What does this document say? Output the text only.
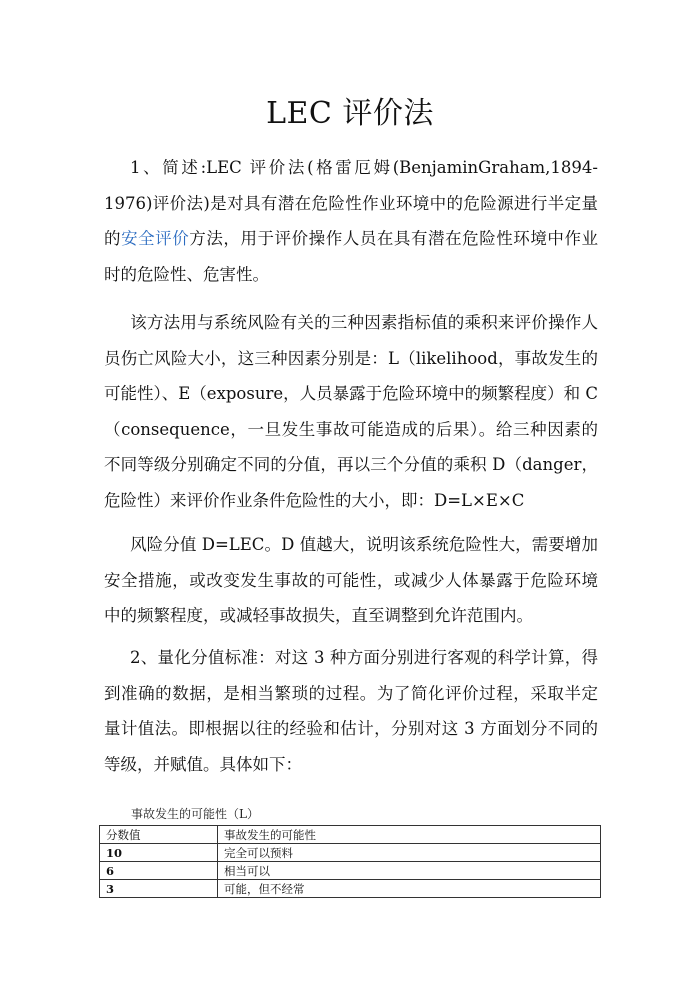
LEC 评价法
1、简述:LEC 评价法(格雷厄姆(BenjaminGraham,1894-1976)评价法)是对具有潜在危险性作业环境中的危险源进行半定量的安全评价方法，用于评价操作人员在具有潜在危险性环境中作业时的危险性、危害性。
该方法用与系统风险有关的三种因素指标值的乘积来评价操作人员伤亡风险大小，这三种因素分别是：L（likelihood，事故发生的可能性）、E（exposure，人员暴露于危险环境中的频繁程度）和 C（consequence，一旦发生事故可能造成的后果）。给三种因素的不同等级分别确定不同的分值，再以三个分值的乘积 D（danger，危险性）来评价作业条件危险性的大小，即：D=L×E×C
风险分值 D=LEC。D 值越大，说明该系统危险性大，需要增加安全措施，或改变发生事故的可能性，或减少人体暴露于危险环境中的频繁程度，或减轻事故损失，直至调整到允许范围内。
2、量化分值标准：对这 3 种方面分别进行客观的科学计算，得到准确的数据，是相当繁琐的过程。为了简化评价过程，采取半定量计值法。即根据以往的经验和估计，分别对这 3 方面划分不同的等级，并赋值。具体如下：
事故发生的可能性（L）
分数值	事故发生的可能性
10	完全可以预料
6	相当可以
3	可能，但不经常
